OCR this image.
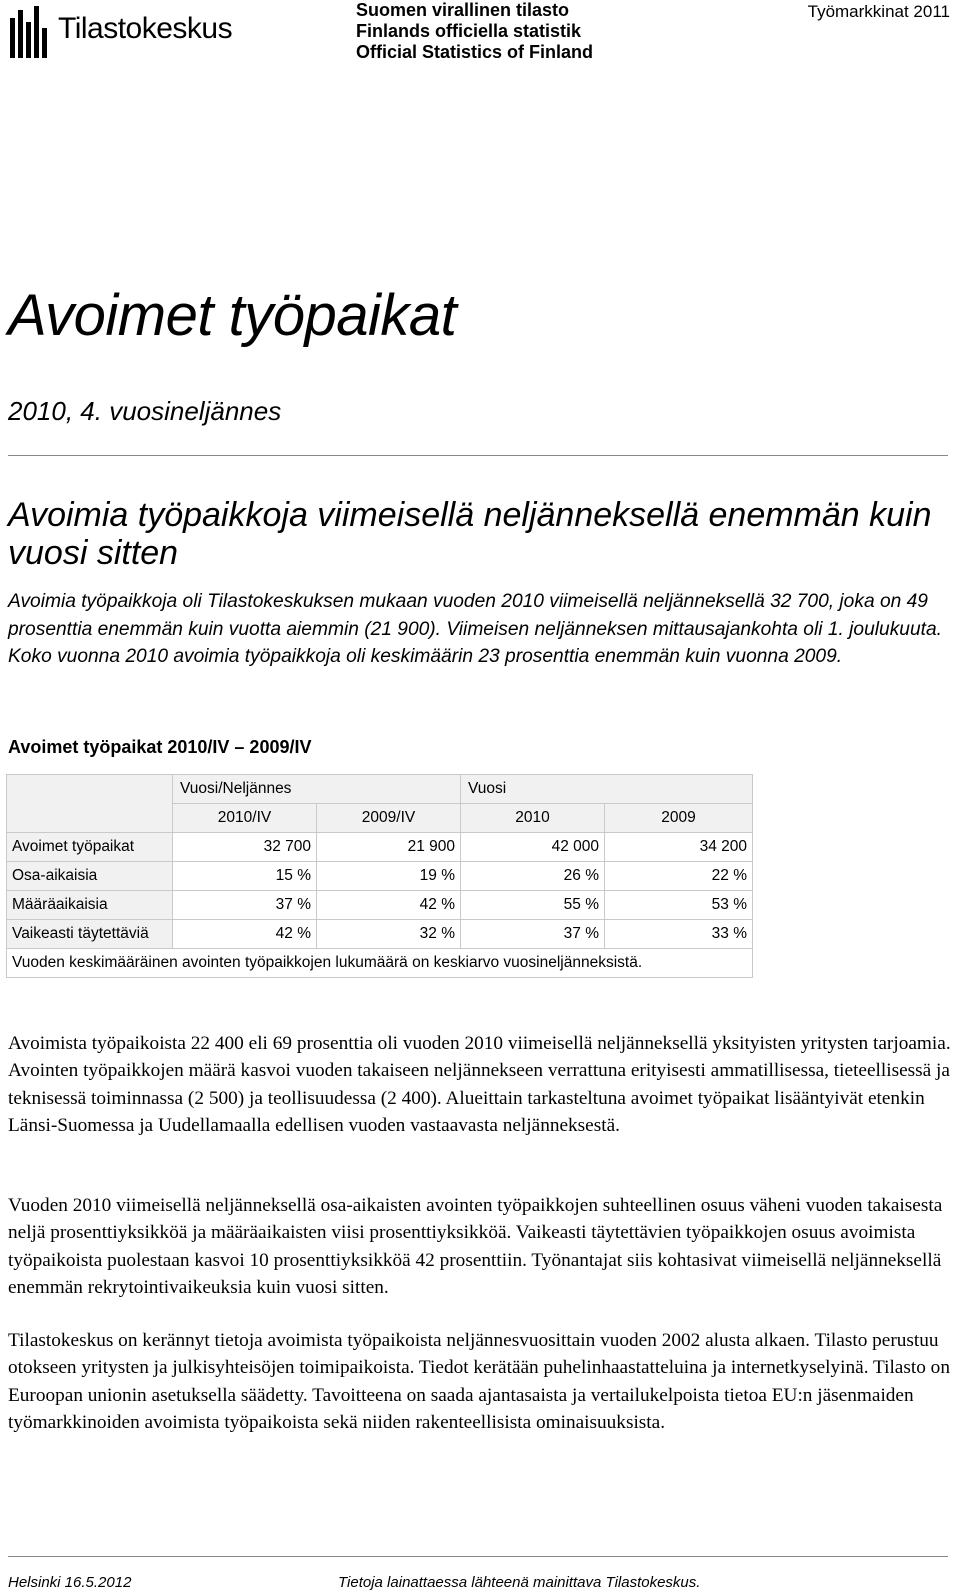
Tilastokeskus
Suomen virallinen tilasto
Finlands officiella statistik
Official Statistics of Finland
Työmarkkinat 2011
Avoimet työpaikat
2010, 4. vuosineljännes
Avoimia työpaikkoja viimeisellä neljänneksellä enemmän kuin vuosi sitten
Avoimia työpaikkoja oli Tilastokeskuksen mukaan vuoden 2010 viimeisellä neljänneksellä 32 700, joka on 49 prosenttia enemmän kuin vuotta aiemmin (21 900). Viimeisen neljänneksen mittausajankohta oli 1. joulukuuta. Koko vuonna 2010 avoimia työpaikkoja oli keskimäärin 23 prosenttia enemmän kuin vuonna 2009.
Avoimet työpaikat 2010/IV – 2009/IV
	Vuosi/Neljännes		Vuosi	
	2010/IV	2009/IV	2010	2009
Avoimet työpaikat	32 700	21 900	42 000	34 200
Osa-aikaisia	15 %	19 %	26 %	22 %
Määräaikaisia	37 %	42 %	55 %	53 %
Vaikeasti täytettäviä	42 %	32 %	37 %	33 %
Vuoden keskimääräinen avointen työpaikkojen lukumäärä on keskiarvo vuosineljänneksistä.				
Avoimista työpaikoista 22 400 eli 69 prosenttia oli vuoden 2010 viimeisellä neljänneksellä yksityisten yritysten tarjoamia. Avointen työpaikkojen määrä kasvoi vuoden takaiseen neljännekseen verrattuna erityisesti ammatillisessa, tieteellisessä ja teknisessä toiminnassa (2 500) ja teollisuudessa (2 400). Alueittain tarkasteltuna avoimet työpaikat lisääntyivät etenkin Länsi-Suomessa ja Uudellamaalla edellisen vuoden vastaavasta neljänneksestä.
Vuoden 2010 viimeisellä neljänneksellä osa-aikaisten avointen työpaikkojen suhteellinen osuus väheni vuoden takaisesta neljä prosenttiyksikköä ja määräaikaisten viisi prosenttiyksikköä. Vaikeasti täytettävien työpaikkojen osuus avoimista työpaikoista puolestaan kasvoi 10 prosenttiyksikköä 42 prosenttiin. Työnantajat siis kohtasivat viimeisellä neljänneksellä enemmän rekrytointivaikeuksia kuin vuosi sitten.
Tilastokeskus on kerännyt tietoja avoimista työpaikoista neljännesvuosittain vuoden 2002 alusta alkaen. Tilasto perustuu otokseen yritysten ja julkisyhteisöjen toimipaikoista. Tiedot kerätään puhelinhaastatteluina ja internetkyselyinä. Tilasto on Euroopan unionin asetuksella säädetty. Tavoitteena on saada ajantasaista ja vertailukelpoista tietoa EU:n jäsenmaiden työmarkkinoiden avoimista työpaikoista sekä niiden rakenteellisista ominaisuuksista.
Helsinki 16.5.2012	Tietoja lainattaessa lähteenä mainittava Tilastokeskus.
